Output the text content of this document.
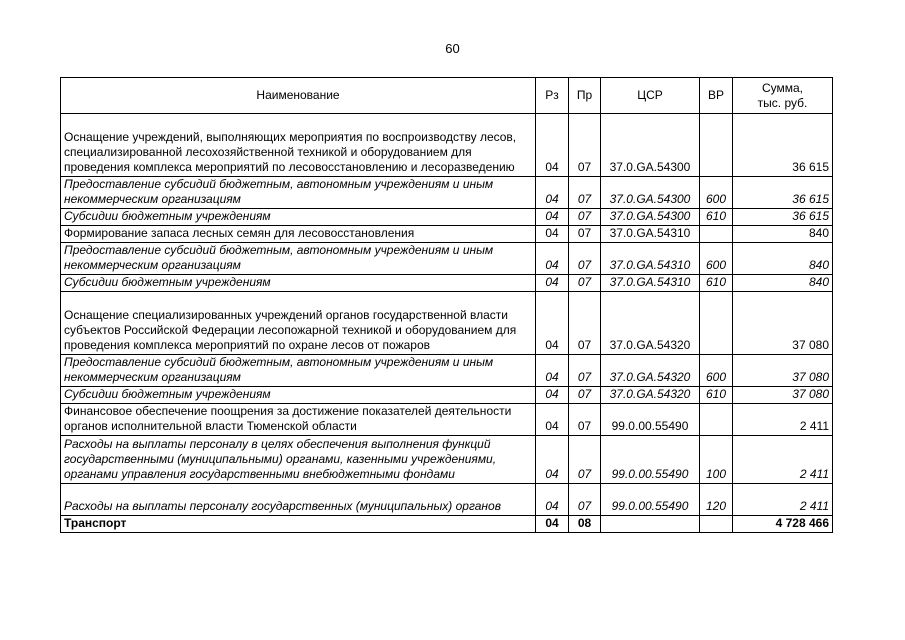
60
Наименование	Рз	Пр	ЦСР	ВР	Сумма,
тыс. руб.

Оснащение учреждений, выполняющих мероприятия по воспроизводству лесов, специализированной лесохозяйственной техникой и оборудованием для проведения комплекса мероприятий по лесовосстановлению и лесоразведению	04	07	37.0.GA.54300		36 615
Предоставление субсидий бюджетным, автономным учреждениям и иным некоммерческим организациям	04	07	37.0.GA.54300	600	36 615
Субсидии бюджетным учреждениям	04	07	37.0.GA.54300	610	36 615
Формирование запаса лесных семян для лесовосстановления	04	07	37.0.GA.54310		840
Предоставление субсидий бюджетным, автономным учреждениям и иным некоммерческим организациям	04	07	37.0.GA.54310	600	840
Субсидии бюджетным учреждениям	04	07	37.0.GA.54310	610	840
Оснащение специализированных учреждений органов государственной власти субъектов Российской Федерации лесопожарной техникой и оборудованием для проведения комплекса мероприятий по охране лесов от пожаров	04	07	37.0.GA.54320		37 080
Предоставление субсидий бюджетным, автономным учреждениям и иным некоммерческим организациям	04	07	37.0.GA.54320	600	37 080
Субсидии бюджетным учреждениям	04	07	37.0.GA.54320	610	37 080
Финансовое обеспечение поощрения за достижение показателей деятельности органов исполнительной власти Тюменской области	04	07	99.0.00.55490		2 411
Расходы на выплаты персоналу в целях обеспечения выполнения функций государственными (муниципальными) органами, казенными учреждениями, органами управления государственными внебюджетными фондами	04	07	99.0.00.55490	100	2 411
Расходы на выплаты персоналу государственных (муниципальных) органов	04	07	99.0.00.55490	120	2 411
Транспорт	04	08			4 728 466
